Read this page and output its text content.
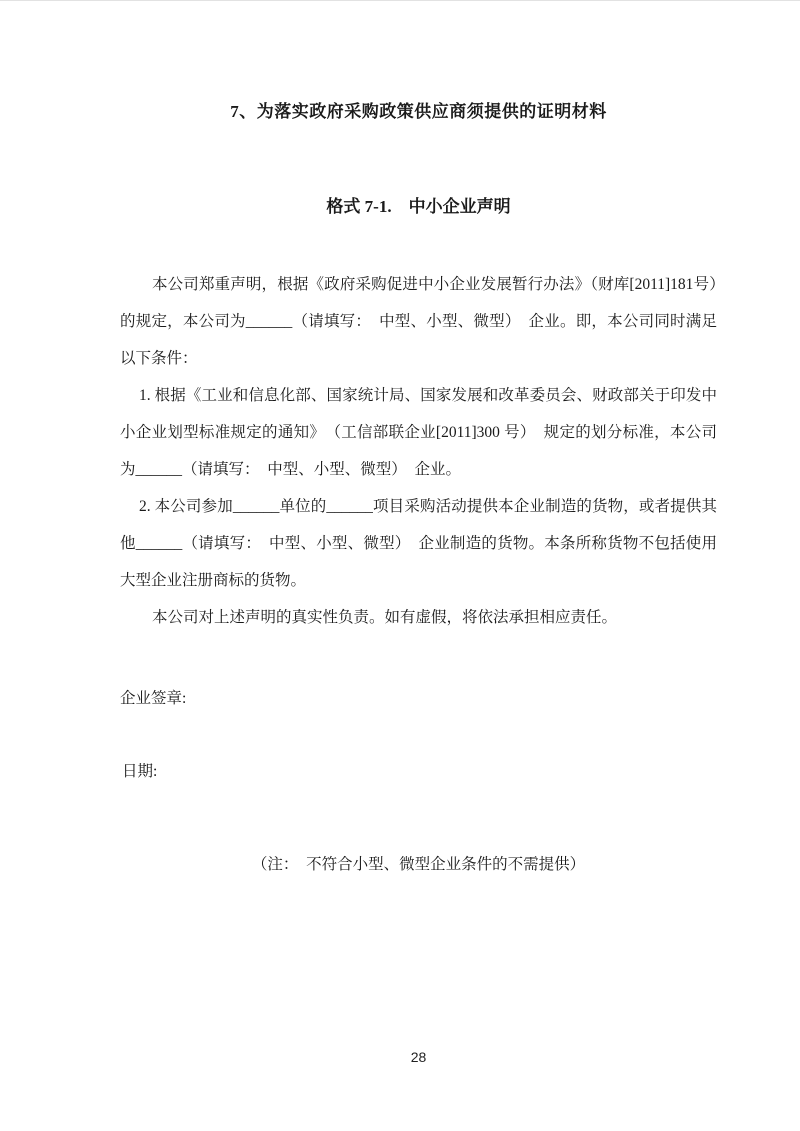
7、为落实政府采购政策供应商须提供的证明材料
格式 7-1.　中小企业声明

本公司郑重声明，根据《政府采购促进中小企业发展暂行办法》（财库[2011]181号）　的规定，本公司为______（请填写：　中型、小型、微型）　企业。即，本公司同时满足以下条件：

1. 根据《工业和信息化部、国家统计局、国家发展和改革委员会、财政部关于印发中小企业划型标准规定的通知》　（工信部联企业[2011]300 号）　规定的划分标准，本公司为______（请填写：　中型、小型、微型）　企业。

2. 本公司参加______单位的______项目采购活动提供本企业制造的货物，或者提供其他______（请填写：　中型、小型、微型）　企业制造的货物。本条所称货物不包括使用大型企业注册商标的货物。

本公司对上述声明的真实性负责。如有虚假，将依法承担相应责任。

企业签章:
日期:
（注：　不符合小型、微型企业条件的不需提供）
28
